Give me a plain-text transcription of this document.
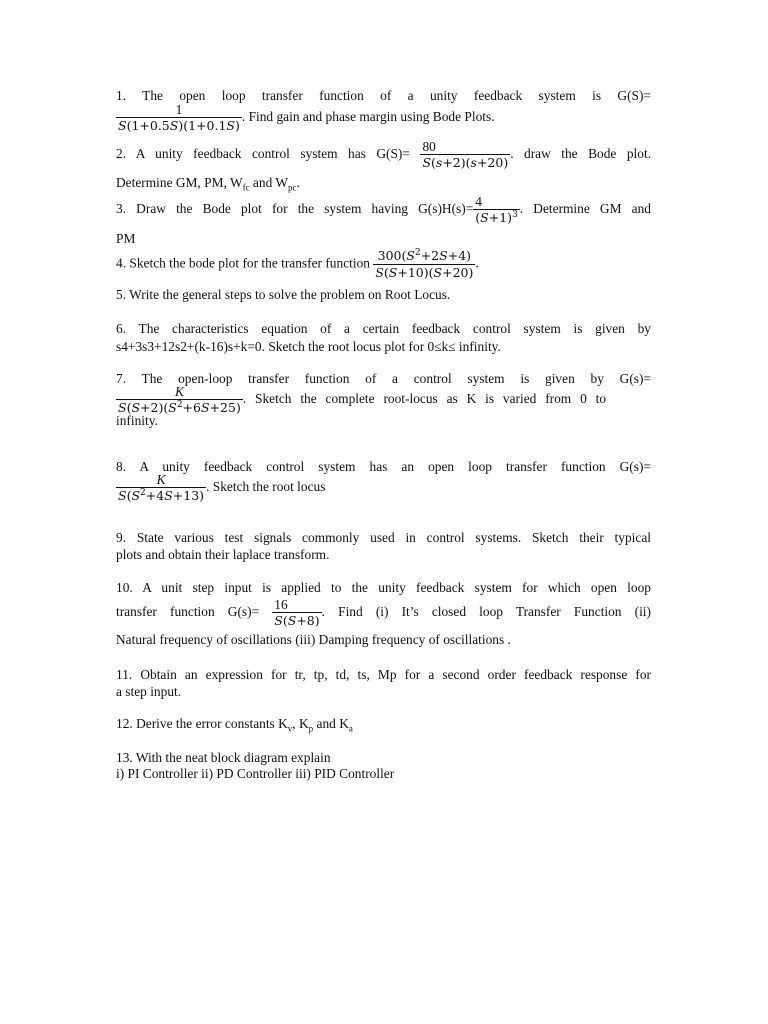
1. The open loop transfer function of a unity feedback system is G(S)=
$\frac{1}{S(1+0.5S)(1+0.1S)}$ . Find gain and phase margin using Bode Plots.
2. A unity feedback control system has $G(S)= \frac{80}{S(s+2)(s+20)}$ . draw the Bode plot.
Determine GM, PM, $W_{fc}$ and $W_{pc}$.
3. Draw the Bode plot for the system having $G(s)H(s)= \frac{4}{(S+1)^3}$ . Determine GM and
PM
4. Sketch the bode plot for the transfer function $\frac{300(S^2+2S+4)}{S(S+10)(S+20)}$ .
5. Write the general steps to solve the problem on Root Locus.
6. The characteristics equation of a certain feedback control system is given by
s4+3s3+12s2+(k-16)s+k=0. Sketch the root locus plot for 0≤k≤ infinity.
7. The open-loop transfer function of a control system is given by G(s)=
$\frac{K}{S(S+2)(S^2+6S+25)}$ . Sketch the complete root-locus as K is varied from 0 to
infinity.
8. A unity feedback control system has an open loop transfer function G(s)=
$\frac{K}{S(S^2+4S+13)}$ . Sketch the root locus
9. State various test signals commonly used in control systems. Sketch their typical
plots and obtain their laplace transform.
10. A unit step input is applied to the unity feedback system for which open loop
transfer function $G(s)= \frac{16}{S(S+8)}$ . Find (i) It’s closed loop Transfer Function (ii)
Natural frequency of oscillations (iii) Damping frequency of oscillations .
11. Obtain an expression for tr, tp, td, ts, Mp for a second order feedback response for
a step input.
12. Derive the error constants $K_v$, $K_p$ and $K_a$
13. With the neat block diagram explain
i) PI Controller ii) PD Controller iii) PID Controller
